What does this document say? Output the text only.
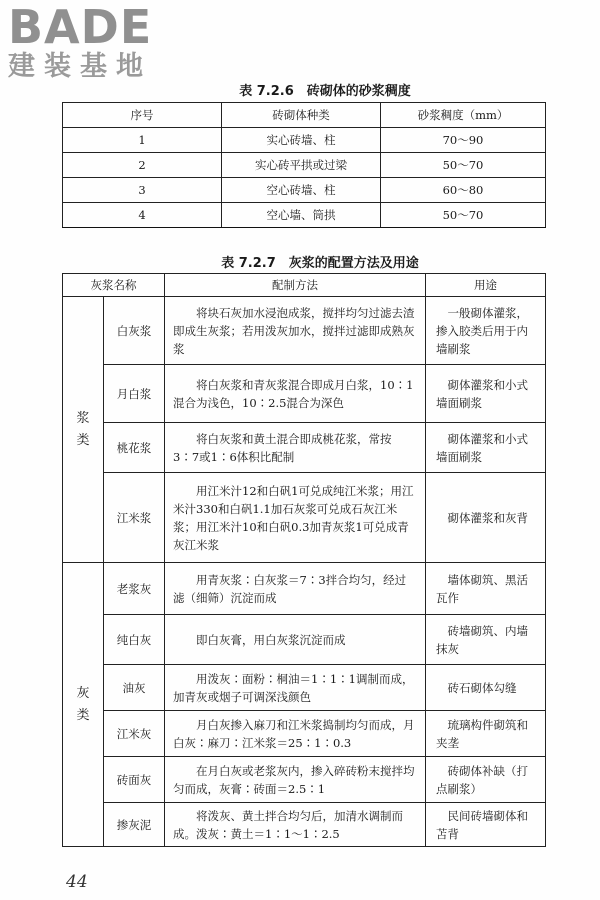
BADE
建装基地
表 7.2.6　砖砌体的砂浆稠度
序号	砖砌体种类	砂浆稠度（mm）
1	实心砖墙、柱	70～90
2	实心砖平拱或过梁	50～70
3	空心砖墙、柱	60～80
4	空心墙、筒拱	50～70
表 7.2.7　灰浆的配置方法及用途
灰浆名称		配制方法	用途
浆类	白灰浆	将块石灰加水浸泡成浆，搅拌均匀过滤去渣即成生灰浆；若用泼灰加水，搅拌过滤即成熟灰浆	一般砌体灌浆，掺入胶类后用于内墙刷浆
	月白浆	将白灰浆和青灰浆混合即成月白浆，10∶1混合为浅色，10∶2.5混合为深色	砌体灌浆和小式墙面刷浆
	桃花浆	将白灰浆和黄土混合即成桃花浆，常按3∶7或1∶6体积比配制	砌体灌浆和小式墙面刷浆
	江米浆	用江米汁12和白矾1可兑成纯江米浆；用江米汁330和白矾1.1加石灰浆可兑成石灰江米浆；用江米汁10和白矾0.3加青灰浆1可兑成青灰江米浆	砌体灌浆和灰背
灰类	老浆灰	用青灰浆∶白灰浆＝7∶3拌合均匀，经过滤（细筛）沉淀而成	墙体砌筑、黑活瓦作
	纯白灰	即白灰膏，用白灰浆沉淀而成	砖墙砌筑、内墙抹灰
	油灰	用泼灰∶面粉∶桐油＝1∶1∶1调制而成，加青灰或烟子可调深浅颜色	砖石砌体勾缝
	江米灰	月白灰掺入麻刀和江米浆捣制均匀而成，月白灰∶麻刀∶江米浆＝25∶1∶0.3	琉璃构件砌筑和夹垄
	砖面灰	在月白灰或老浆灰内，掺入碎砖粉末搅拌均匀而成，灰膏∶砖面＝2.5∶1	砖砌体补缺（打点刷浆）
	掺灰泥	将泼灰、黄土拌合均匀后，加清水调制而成。泼灰∶黄土＝1∶1～1∶2.5	民间砖墙砌体和苫背
44
